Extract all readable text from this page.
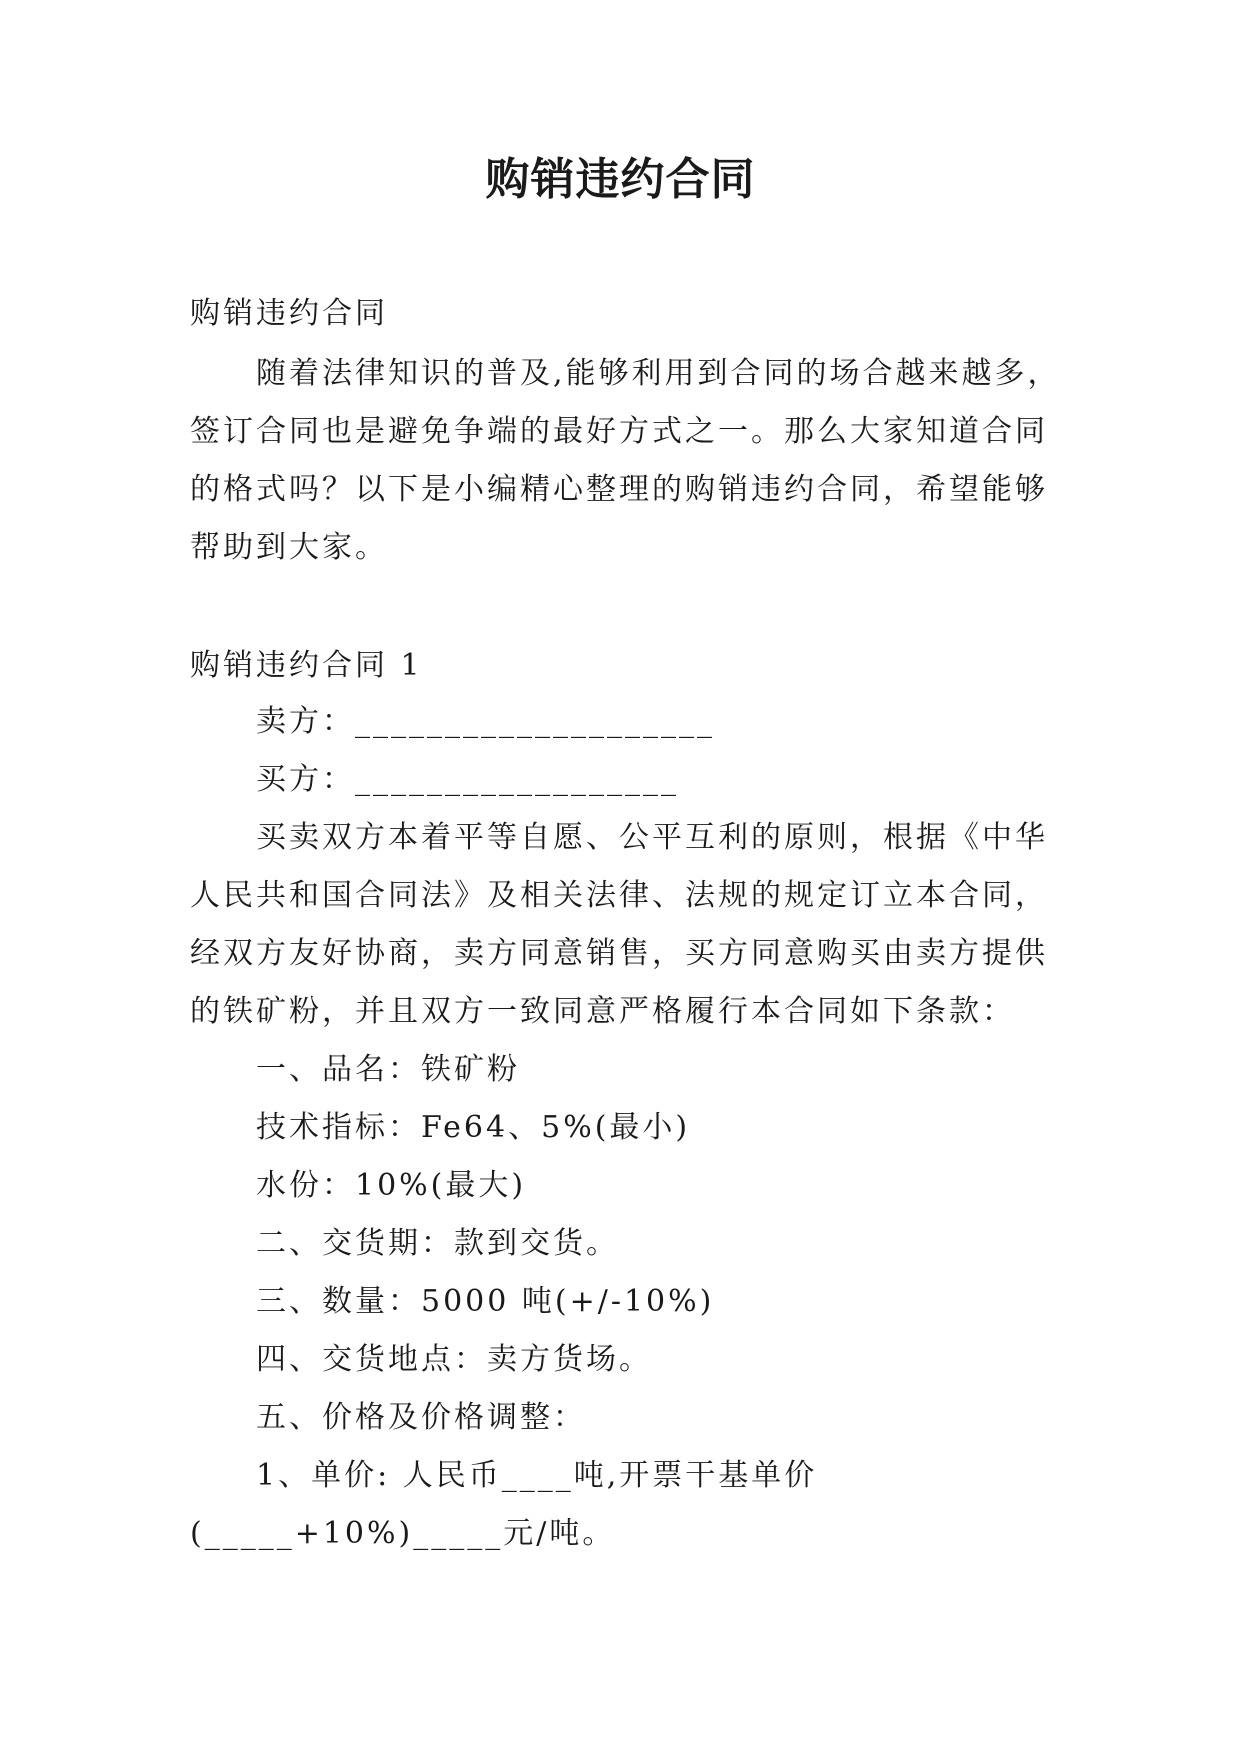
购销违约合同
购销违约合同
随着法律知识的普及,能够利用到合同的场合越来越多，签订合同也是避免争端的最好方式之一。那么大家知道合同的格式吗？以下是小编精心整理的购销违约合同，希望能够帮助到大家。
购销违约合同 1

卖方：____________________

买方：__________________

买卖双方本着平等自愿、公平互利的原则，根据《中华人民共和国合同法》及相关法律、法规的规定订立本合同，经双方友好协商，卖方同意销售，买方同意购买由卖方提供的铁矿粉，并且双方一致同意严格履行本合同如下条款：

一、品名：铁矿粉

技术指标：Fe64、5%(最小)

水份：10%(最大)

二、交货期：款到交货。

三、数量：5000 吨(+/-10%)

四、交货地点：卖方货场。

五、价格及价格调整：

1、单价: 人民币____吨,开票干基单价(_____+10%)_____元/吨。
